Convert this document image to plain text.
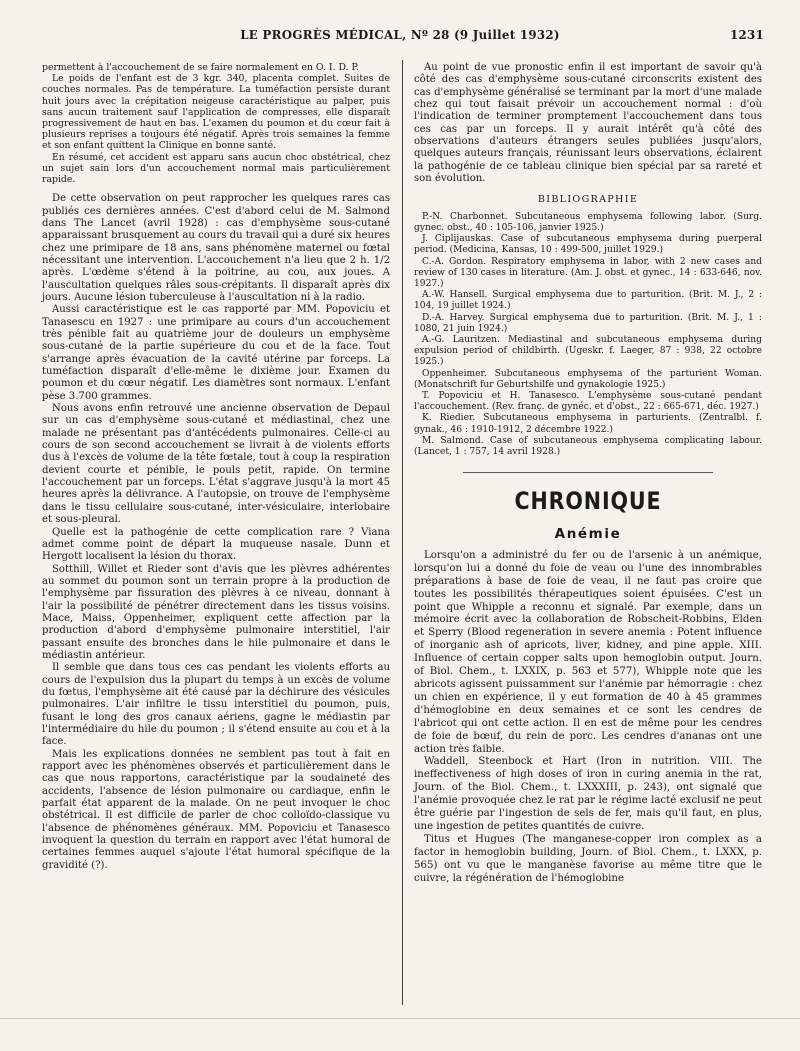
LE PROGRÈS MÉDICAL, Nº 28 (9 Juillet 1932)	1231

permettent à l'accouchement de se faire normalement en O. I. D. P.

Le poids de l'enfant est de 3 kgr. 340, placenta complet. Suites de couches normales. Pas de température. La tuméfaction persiste durant huit jours avec la crépitation neigeuse caractéristique au palper, puis sans aucun traitement sauf l'application de compresses, elle disparaît progressivement de haut en bas. L'examen du poumon et du cœur fait à plusieurs reprises a toujours été négatif. Après trois semaines la femme et son enfant quittent la Clinique en bonne santé.

En résumé, cet accident est apparu sans aucun choc obstétrical, chez un sujet sain lors d'un accouchement normal mais particulièrement rapide.

De cette observation on peut rapprocher les quelques rares cas publiés ces dernières années. C'est d'abord celui de M. Salmond dans The Lancet (avril 1928) : cas d'emphysème sous-cutané apparaissant brusquement au cours du travail qui a duré six heures chez une primipare de 18 ans, sans phénomène maternel ou fœtal nécessitant une intervention. L'accouchement n'a lieu que 2 h. 1/2 après. L'œdème s'étend à la poitrine, au cou, aux joues. A l'auscultation quelques râles sous-crépitants. Il disparaît après dix jours. Aucune lésion tuberculeuse à l'auscultation ni à la radio.

Aussi caractéristique est le cas rapporté par MM. Popoviciu et Tanasescu en 1927 : une primipare au cours d'un accouchement très pénible fait au quatrième jour de douleurs un emphysème sous-cutané de la partie supérieure du cou et de la face. Tout s'arrange après évacuation de la cavité utérine par forceps. La tuméfaction disparaît d'elle-même le dixième jour. Examen du poumon et du cœur négatif. Les diamètres sont normaux. L'enfant pèse 3.700 grammes.

Nous avons enfin retrouvé une ancienne observation de Depaul sur un cas d'emphysème sous-cutané et médiastinal, chez une malade ne présentant pas d'antécédents pulmonaires. Celle-ci au cours de son second accouchement se livrait à de violents efforts dus à l'excès de volume de la tête fœtale, tout à coup la respiration devient courte et pénible, le pouls petit, rapide. On termine l'accouchement par un forceps. L'état s'aggrave jusqu'à la mort 45 heures après la délivrance. A l'autopsie, on trouve de l'emphysème dans le tissu cellulaire sous-cutané, inter-vésiculaire, interlobaire et sous-pleural.

Quelle est la pathogénie de cette complication rare ? Viana admet comme point de départ la muqueuse nasale. Dunn et Hergott localisent la lésion du thorax.

Sotthill, Willet et Rieder sont d'avis que les plèvres adhérentes au sommet du poumon sont un terrain propre à la production de l'emphysème par fissuration des plèvres à ce niveau, donnant à l'air la possibilité de pénétrer directement dans les tissus voisins. Mace, Maiss, Oppenheimer, expliquent cette affection par la production d'abord d'emphysème pulmonaire interstitiel, l'air passant ensuite des bronches dans le hile pulmonaire et dans le médiastin antérieur.

Il semble que dans tous ces cas pendant les violents efforts au cours de l'expulsion dus la plupart du temps à un excès de volume du fœtus, l'emphysème ait été causé par la déchirure des vésicules pulmonaires. L'air infiltre le tissu interstitiel du poumon, puis, fusant le long des gros canaux aériens, gagne le médiastin par l'intermédiaire du hile du poumon ; il s'étend ensuite au cou et à la face.

Mais les explications données ne semblent pas tout à fait en rapport avec les phénomènes observés et particulièrement dans le cas que nous rapportons, caractéristique par la soudaineté des accidents, l'absence de lésion pulmonaire ou cardiaque, enfin le parfait état apparent de la malade. On ne peut invoquer le choc obstétrical. Il est difficile de parler de choc colloïdo-classique vu l'absence de phénomènes généraux. MM. Popoviciu et Tanasesco invoquent la question du terrain en rapport avec l'état humoral de certaines femmes auquel s'ajoute l'état humoral spécifique de la gravidité (?).

Au point de vue pronostic enfin il est important de savoir qu'à côté des cas d'emphysème sous-cutané circonscrits existent des cas d'emphysème généralisé se terminant par la mort d'une malade chez qui tout faisait prévoir un accouchement normal : d'où l'indication de terminer promptement l'accouchement dans tous ces cas par un forceps. Il y aurait intérêt qu'à côté des observations d'auteurs étrangers seules publiées jusqu'alors, quelques auteurs français, réunissant leurs observations, éclairent la pathogénie de ce tableau clinique bien spécial par sa rareté et son évolution.

BIBLIOGRAPHIE

P.-N. Charbonnet. Subcutaneous emphysema following labor. (Surg. gynec. obst., 40 : 105-106, janvier 1925.)

J. Ciplijauskas. Case of subcutaneous emphysema during puerperal period. (Medicina, Kansas, 10 : 499-500, juillet 1929.)

C.-A. Gordon. Respiratory emphysema in labor, with 2 new cases and review of 130 cases in literature. (Am. J. obst. et gynec., 14 : 633-646, nov. 1927.)

A.-W. Hansell. Surgical emphysema due to parturition. (Brit. M. J., 2 : 104, 19 juillet 1924.)

D.-A. Harvey. Surgical emphysema due to parturition. (Brit. M. J., 1 : 1080, 21 juin 1924.)

A.-G. Lauritzen. Mediastinal and subcutaneous emphysema during expulsion period of childbirth. (Ugeskr. f. Laeger, 87 : 938, 22 octobre 1925.)

Oppenheimer. Subcutaneous emphysema of the parturient Woman. (Monatschrift fur Geburtshilfe und gynakologie 1925.)

T. Popoviciu et H. Tanasesco. L'emphysème sous-cutané pendant l'accouchement. (Rev. franç. de gynéc. et d'obst., 22 : 665-671, déc. 1927.)

K. Riedier. Subcutaneous emphysema in parturients. (Zentralbl. f. gynak., 46 : 1910-1912, 2 décembre 1922.)

M. Salmond. Case of subcutaneous emphysema complicating labour. (Lancet, 1 : 757, 14 avril 1928.)

CHRONIQUE
Anémie

Lorsqu'on a administré du fer ou de l'arsenic à un anémique, lorsqu'on lui a donné du foie de veau ou l'une des innombrables préparations à base de foie de veau, il ne faut pas croire que toutes les possibilités thérapeutiques soient épuisées. C'est un point que Whipple a reconnu et signalé. Par exemple, dans un mémoire écrit avec la collaboration de Robscheit-Robbins, Elden et Sperry (Blood regeneration in severe anemia : Potent influence of inorganic ash of apricots, liver, kidney, and pine apple. XIII. Influence of certain copper salts upon hemoglobin output. Journ. of Biol. Chem., t. LXXIX, p. 563 et 577), Whipple note que les abricots agissent puissamment sur l'anémie par hémorragie : chez un chien en expérience, il y eut formation de 40 à 45 grammes d'hémoglobine en deux semaines et ce sont les cendres de l'abricot qui ont cette action. Il en est de même pour les cendres de foie de bœuf, du rein de porc. Les cendres d'ananas ont une action très faible.

Waddell, Steenbock et Hart (Iron in nutrition. VIII. The ineffectiveness of high doses of iron in curing anemia in the rat, Journ. of the Biol. Chem., t. LXXXIII, p. 243), ont signalé que l'anémie provoquée chez le rat par le régime lacté exclusif ne peut être guérie par l'ingestion de sels de fer, mais qu'il faut, en plus, une ingestion de petites quantités de cuivre.

Titus et Hugues (The manganese-copper iron complex as a factor in hemoglobin building, Journ. of Biol. Chem., t. LXXX, p. 565) ont vu que le manganèse favorise au même titre que le cuivre, la régénération de l'hémoglobine
